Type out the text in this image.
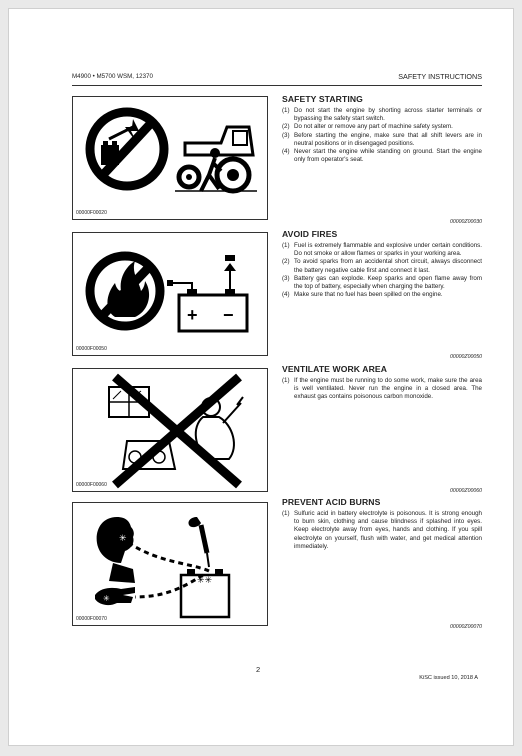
M4900 • M5700 WSM, 12370	SAFETY INSTRUCTIONS
00000F00020
+ −
00000F00050
00000F00060
✳
✳
✳✳
00000F00070
SAFETY STARTING
(1) Do not start the engine by shorting across starter terminals or bypassing the safety start switch.
(2) Do not alter or remove any part of machine safety system.
(3) Before starting the engine, make sure that all shift levers are in neutral positions or in disengaged positions.
(4) Never start the engine while standing on ground. Start the engine only from operator's seat.
00000Z00030
AVOID FIRES
(1) Fuel is extremely flammable and explosive under certain conditions. Do not smoke or allow flames or sparks in your working area.
(2) To avoid sparks from an accidental short circuit, always disconnect the battery negative cable first and connect it last.
(3) Battery gas can explode. Keep sparks and open flame away from the top of battery, especially when charging the battery.
(4) Make sure that no fuel has been spilled on the engine.
00000Z00050
VENTILATE WORK AREA
(1) If the engine must be running to do some work, make sure the area is well ventilated. Never run the engine in a closed area. The exhaust gas contains poisonous carbon monoxide.
00000Z00060
PREVENT ACID BURNS
(1) Sulfuric acid in battery electrolyte is poisonous. It is strong enough to burn skin, clothing and cause blindness if splashed into eyes. Keep electrolyte away from eyes, hands and clothing. If you spill electrolyte on yourself, flush with water, and get medical attention immediately.
00000Z00070
2
KiSC issued 10, 2018 A
